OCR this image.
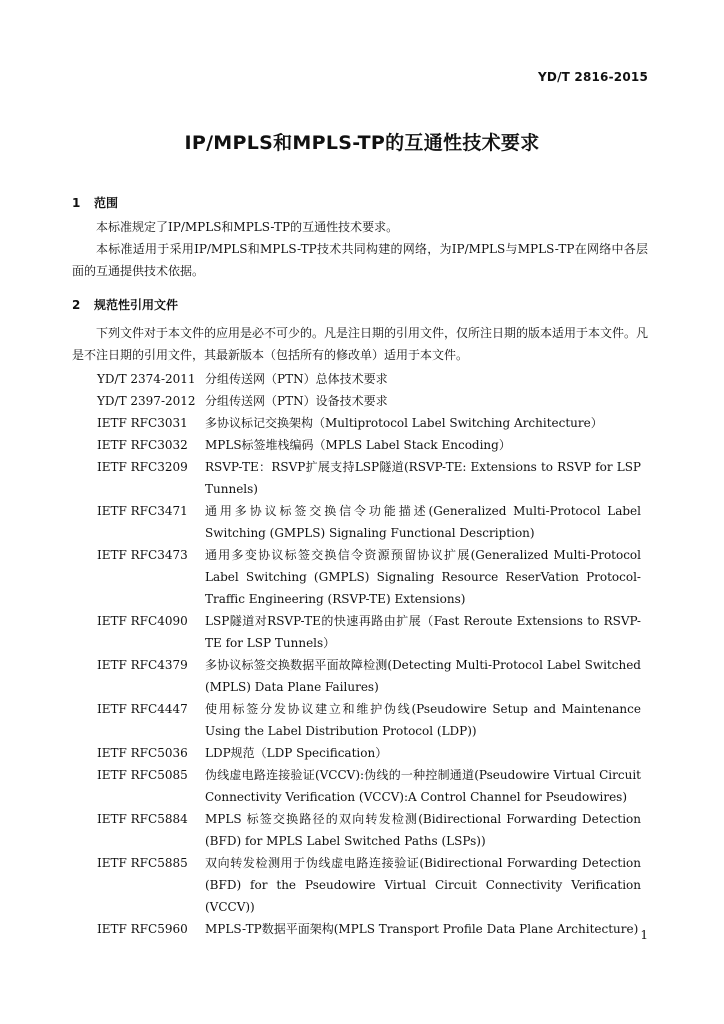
YD/T 2816-2015
IP/MPLS和MPLS-TP的互通性技术要求
1 范围
本标准规定了IP/MPLS和MPLS-TP的互通性技术要求。
本标准适用于采用IP/MPLS和MPLS-TP技术共同构建的网络，为IP/MPLS与MPLS-TP在网络中各层面的互通提供技术依据。
2 规范性引用文件
下列文件对于本文件的应用是必不可少的。凡是注日期的引用文件，仅所注日期的版本适用于本文件。凡是不注日期的引用文件，其最新版本（包括所有的修改单）适用于本文件。
YD/T 2374-2011 分组传送网（PTN）总体技术要求
YD/T 2397-2012 分组传送网（PTN）设备技术要求
IETF RFC3031	多协议标记交换架构（Multiprotocol Label Switching Architecture）
IETF RFC3032	MPLS标签堆栈编码（MPLS Label Stack Encoding）
IETF RFC3209	RSVP-TE：RSVP扩展支持LSP隧道(RSVP-TE: Extensions to RSVP for LSP Tunnels)
IETF RFC3471	通用多协议标签交换信令功能描述(Generalized Multi-Protocol Label Switching (GMPLS) Signaling Functional Description)
IETF RFC3473	通用多变协议标签交换信令资源预留协议扩展(Generalized Multi-Protocol Label Switching (GMPLS) Signaling Resource ReserVation Protocol-Traffic Engineering (RSVP-TE) Extensions)
IETF RFC4090	LSP隧道对RSVP-TE的快速再路由扩展（Fast Reroute Extensions to RSVP-TE for LSP Tunnels）
IETF RFC4379	多协议标签交换数据平面故障检测(Detecting Multi-Protocol Label Switched (MPLS) Data Plane Failures)
IETF RFC4447	使用标签分发协议建立和维护伪线(Pseudowire Setup and Maintenance Using the Label Distribution Protocol (LDP))
IETF RFC5036	LDP规范（LDP Specification）
IETF RFC5085	伪线虚电路连接验证(VCCV):伪线的一种控制通道(Pseudowire Virtual Circuit Connectivity Verification (VCCV):A Control Channel for Pseudowires)
IETF RFC5884	MPLS 标签交换路径的双向转发检测(Bidirectional Forwarding Detection (BFD) for MPLS Label Switched Paths (LSPs))
IETF RFC5885	双向转发检测用于伪线虚电路连接验证(Bidirectional Forwarding Detection (BFD) for the Pseudowire Virtual Circuit Connectivity Verification (VCCV))
IETF RFC5960	MPLS-TP数据平面架构(MPLS Transport Profile Data Plane Architecture) 1
